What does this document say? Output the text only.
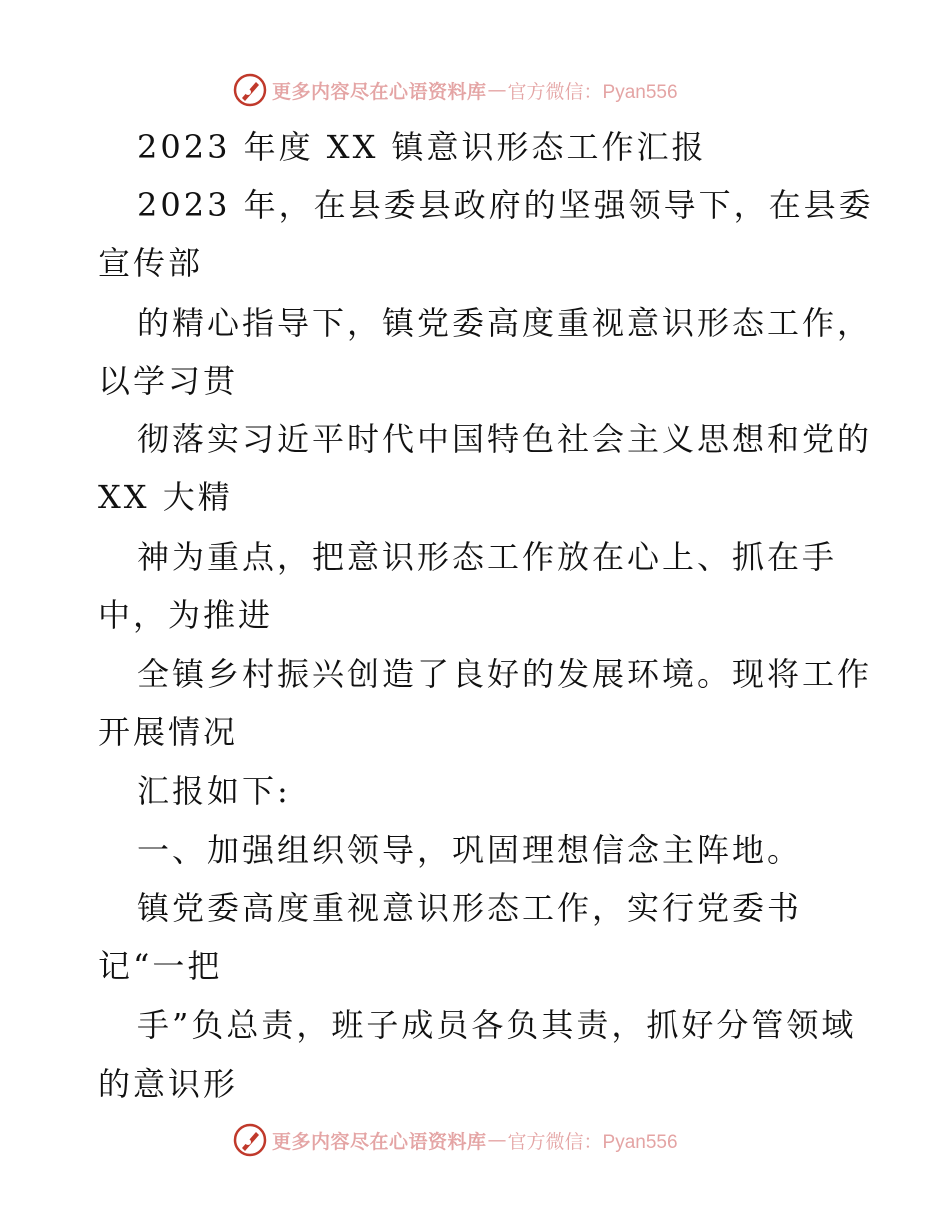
更多内容尽在心语资料库 — 官方微信：Pyan556
2023 年度 XX 镇意识形态工作汇报
2023 年，在县委县政府的坚强领导下，在县委
宣传部
的精心指导下，镇党委高度重视意识形态工作，
以学习贯
彻落实习近平时代中国特色社会主义思想和党的
XX 大精
神为重点，把意识形态工作放在心上、抓在手
中，为推进
全镇乡村振兴创造了良好的发展环境。现将工作
开展情况
汇报如下:
一、加强组织领导，巩固理想信念主阵地。
镇党委高度重视意识形态工作，实行党委书
记“一把
手”负总责，班子成员各负其责，抓好分管领域
的意识形
更多内容尽在心语资料库 — 官方微信：Pyan556
